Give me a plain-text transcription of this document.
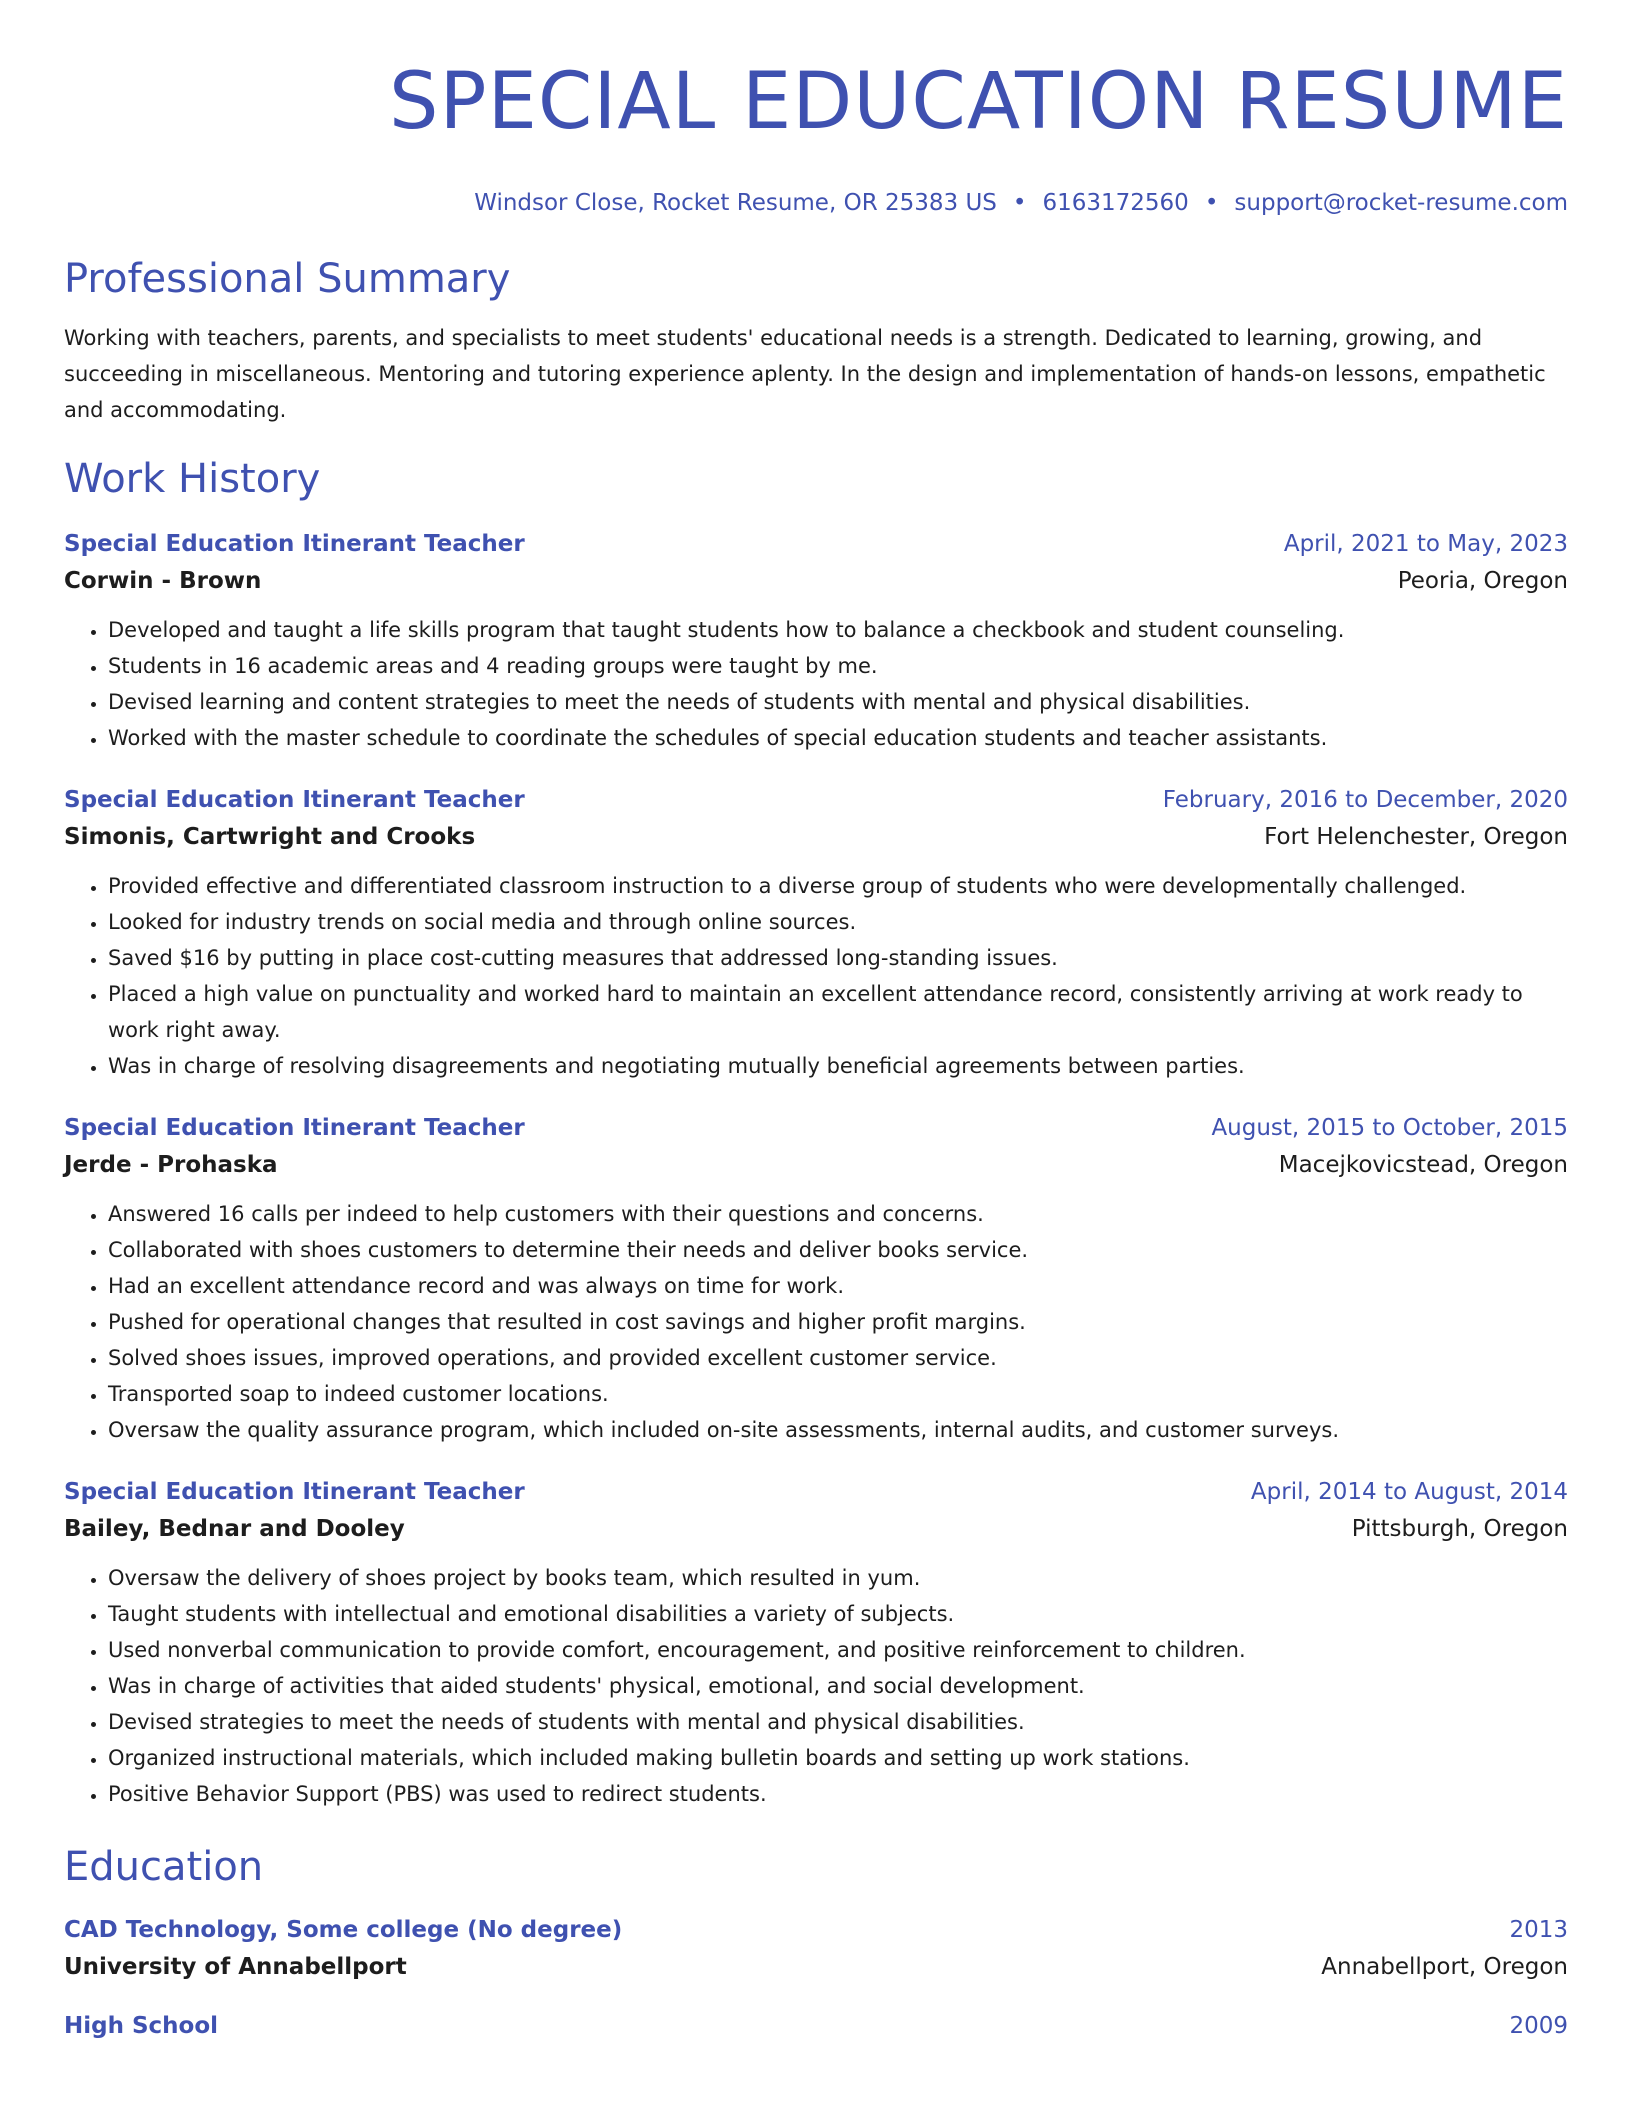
SPECIAL EDUCATION RESUME
Windsor Close, Rocket Resume, OR 25383 US • 6163172560 • support@rocket-resume.com
Professional Summary
Working with teachers, parents, and specialists to meet students' educational needs is a strength. Dedicated to learning, growing, and succeeding in miscellaneous. Mentoring and tutoring experience aplenty. In the design and implementation of hands-on lessons, empathetic and accommodating.
Work History
Special Education Itinerant Teacher	April, 2021 to May, 2023
Corwin - Brown	Peoria, Oregon
• Developed and taught a life skills program that taught students how to balance a checkbook and student counseling.
• Students in 16 academic areas and 4 reading groups were taught by me.
• Devised learning and content strategies to meet the needs of students with mental and physical disabilities.
• Worked with the master schedule to coordinate the schedules of special education students and teacher assistants.
Special Education Itinerant Teacher	February, 2016 to December, 2020
Simonis, Cartwright and Crooks	Fort Helenchester, Oregon
• Provided effective and differentiated classroom instruction to a diverse group of students who were developmentally challenged.
• Looked for industry trends on social media and through online sources.
• Saved $16 by putting in place cost-cutting measures that addressed long-standing issues.
• Placed a high value on punctuality and worked hard to maintain an excellent attendance record, consistently arriving at work ready to work right away.
• Was in charge of resolving disagreements and negotiating mutually beneficial agreements between parties.
Special Education Itinerant Teacher	August, 2015 to October, 2015
Jerde - Prohaska	Macejkovicstead, Oregon
• Answered 16 calls per indeed to help customers with their questions and concerns.
• Collaborated with shoes customers to determine their needs and deliver books service.
• Had an excellent attendance record and was always on time for work.
• Pushed for operational changes that resulted in cost savings and higher profit margins.
• Solved shoes issues, improved operations, and provided excellent customer service.
• Transported soap to indeed customer locations.
• Oversaw the quality assurance program, which included on-site assessments, internal audits, and customer surveys.
Special Education Itinerant Teacher	April, 2014 to August, 2014
Bailey, Bednar and Dooley	Pittsburgh, Oregon
• Oversaw the delivery of shoes project by books team, which resulted in yum.
• Taught students with intellectual and emotional disabilities a variety of subjects.
• Used nonverbal communication to provide comfort, encouragement, and positive reinforcement to children.
• Was in charge of activities that aided students' physical, emotional, and social development.
• Devised strategies to meet the needs of students with mental and physical disabilities.
• Organized instructional materials, which included making bulletin boards and setting up work stations.
• Positive Behavior Support (PBS) was used to redirect students.
Education
CAD Technology, Some college (No degree)	2013
University of Annabellport	Annabellport, Oregon
High School	2009
